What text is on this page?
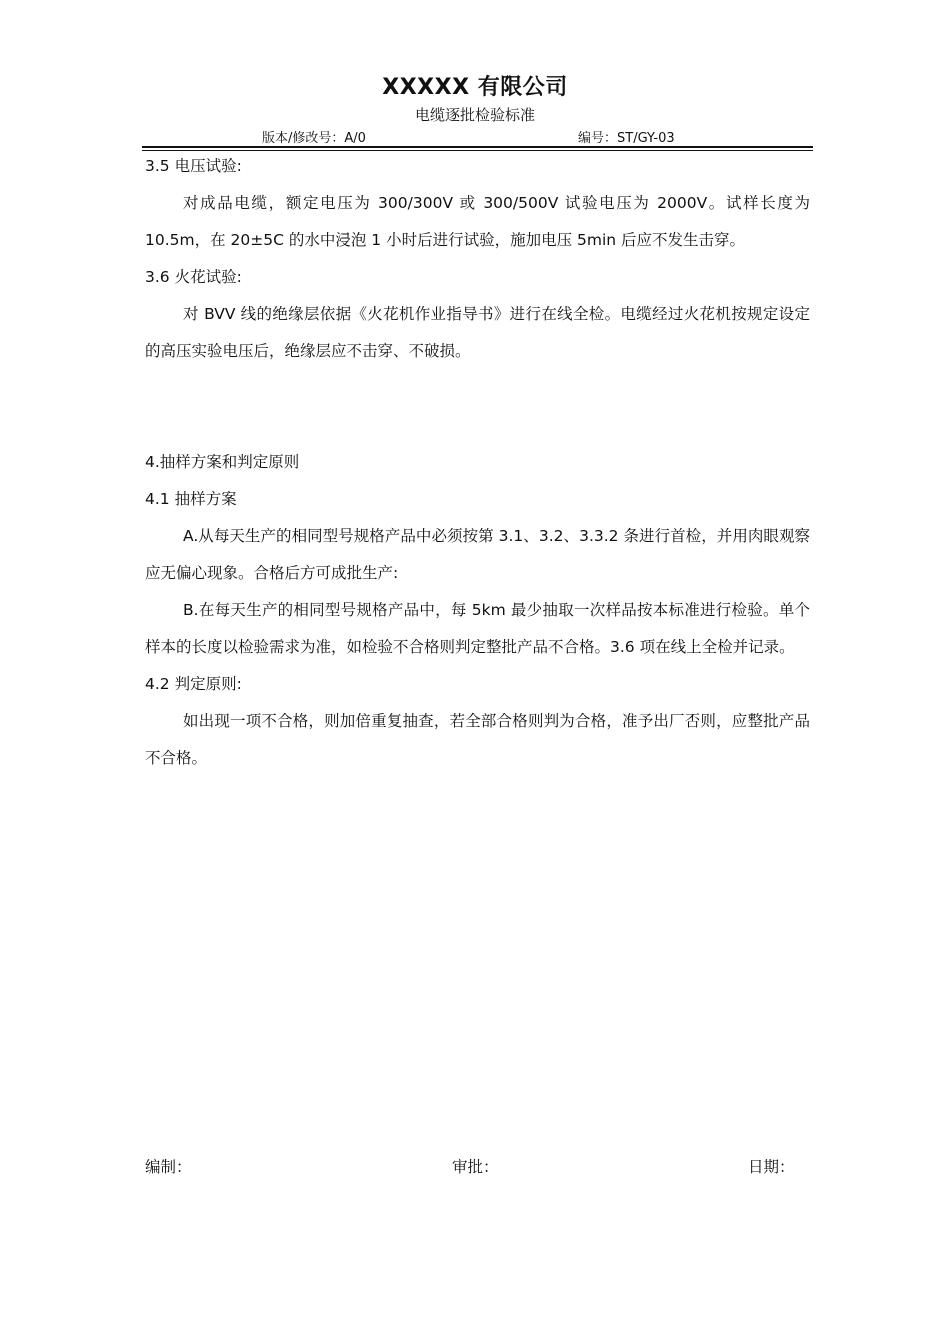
XXXXX 有限公司
电缆逐批检验标准
版本/修改号：A/0	编号：ST/GY-03

3.5 电压试验:

对成品电缆，额定电压为 300/300V 或 300/500V 试验电压为 2000V。试样长度为 10.5m，在 20±5C 的水中浸泡 1 小时后进行试验，施加电压 5min 后应不发生击穿。

3.6 火花试验:

对 BVV 线的绝缘层依据《火花机作业指导书》进行在线全检。电缆经过火花机按规定设定的高压实验电压后，绝缘层应不击穿、不破损。

4.抽样方案和判定原则

4.1 抽样方案

A.从每天生产的相同型号规格产品中必须按第 3.1、3.2、3.3.2 条进行首检，并用肉眼观察应无偏心现象。合格后方可成批生产:

B.在每天生产的相同型号规格产品中，每 5km 最少抽取一次样品按本标准进行检验。单个样本的长度以检验需求为准，如检验不合格则判定整批产品不合格。3.6 项在线上全检并记录。

4.2 判定原则:

如出现一项不合格，则加倍重复抽查，若全部合格则判为合格，准予出厂否则，应整批产品不合格。

编制：	审批：	日期：
